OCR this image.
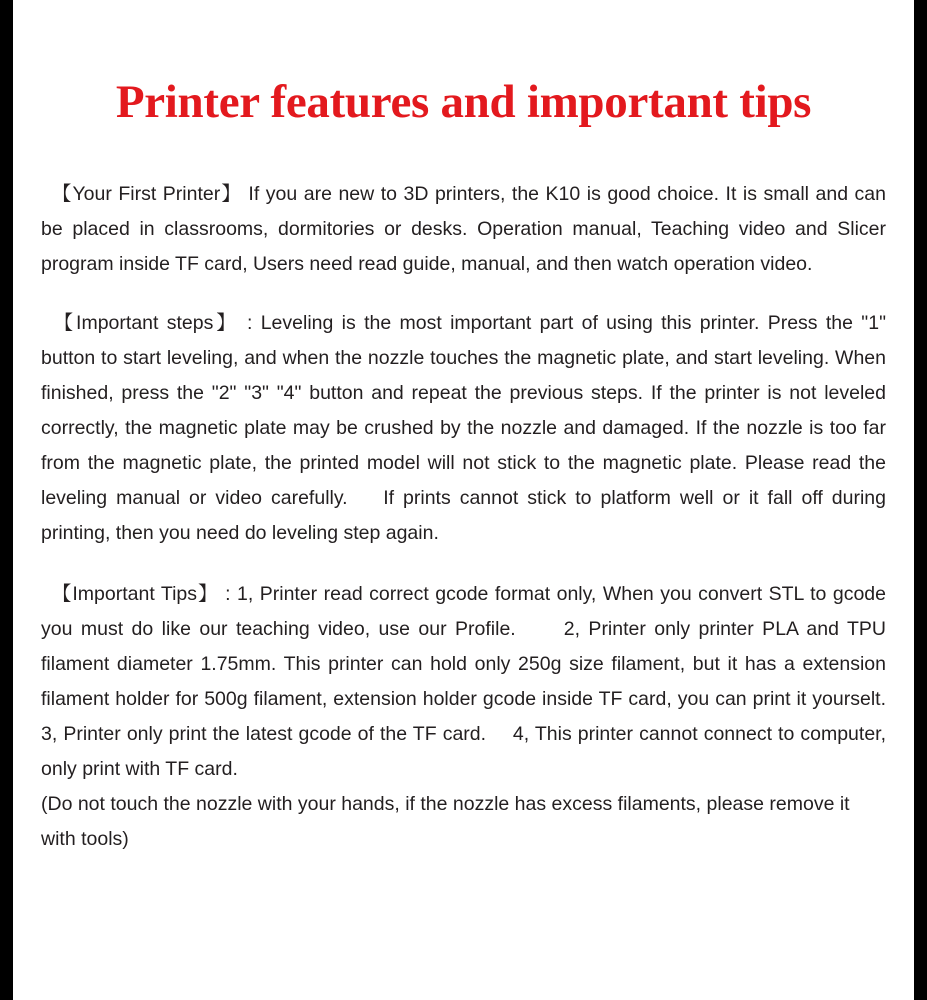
Printer features and important tips

　【Your First Printer】 If you are new to 3D printers, the K10 is good choice. It is small and can be placed in classrooms, dormitories or desks. Operation manual, Teaching video and Slicer program inside TF card, Users need read guide, manual, and then watch operation video.

　【Important steps】 : Leveling is the most important part of using this printer. Press the "1" button to start leveling, and when the nozzle touches the magnetic plate, and start leveling. When finished, press the "2" "3" "4" button and repeat the previous steps. If the printer is not leveled correctly, the magnetic plate may be crushed by the nozzle and damaged. If the nozzle is too far from the magnetic plate, the printed model will not stick to the magnetic plate. Please read the leveling manual or video carefully.　 If prints cannot stick to platform well or it fall off during printing, then you need do leveling step again.

　【Important Tips】 : 1, Printer read correct gcode format only, When you convert STL to gcode you must do like our teaching video, use our Profile.　　2, Printer only printer PLA and TPU filament diameter 1.75mm. This printer can hold only 250g size filament, but it has a extension filament holder for 500g filament, extension holder gcode inside TF card, you can print it yourselt. 3, Printer only print the latest gcode of the TF card.　 4, This printer cannot connect to computer, only print with TF card.

(Do not touch the nozzle with your hands, if the nozzle has excess filaments, please remove it with tools)
